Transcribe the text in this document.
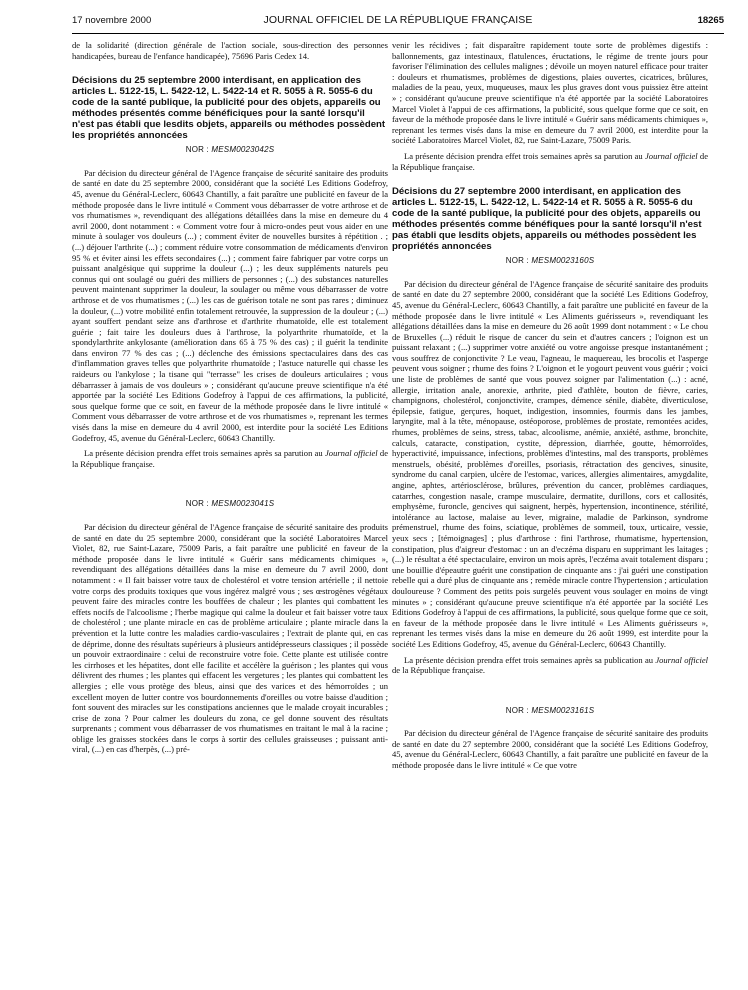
17 novembre 2000	JOURNAL OFFICIEL DE LA RÉPUBLIQUE FRANÇAISE	18265

de la solidarité (direction générale de l'action sociale, sous-direction des personnes handicapées, bureau de l'enfance handicapée), 75696 Paris Cedex 14.

Décisions du 25 septembre 2000 interdisant, en application des articles L. 5122-15, L. 5422-12, L. 5422-14 et R. 5055 à R. 5055-6 du code de la santé publique, la publicité pour des objets, appareils ou méthodes présentés comme bénéficiques pour la santé lorsqu'il n'est pas établi que lesdits objets, appareils ou méthodes possèdent les propriétés annoncées
NOR : MESM0023042S

Par décision du directeur général de l'Agence française de sécurité sanitaire des produits de santé en date du 25 septembre 2000, considérant que la société Les Editions Godefroy, 45, avenue du Général-Leclerc, 60643 Chantilly, a fait paraître une publicité en faveur de la méthode proposée dans le livre intitulé « Comment vous débarrasser de votre arthrose et de vos rhumatismes », revendiquant des allégations détaillées dans la mise en demeure du 4 avril 2000, dont notamment : « Comment votre four à micro-ondes peut vous aider en une minute à soulager vos douleurs (...) ; comment éviter de nouvelles bursites à répétition . ; (...) déjouer l'arthrite (...) ; comment réduire votre consommation de médicaments d'environ 95 % et éviter ainsi les effets secondaires (...) ; comment faire fabriquer par votre corps un puissant analgésique qui supprime la douleur (...) ; les deux suppléments naturels peu connus qui ont soulagé ou guéri des milliers de personnes ; (...) des substances naturelles peuvent maintenant supprimer la douleur, la soulager ou même vous débarrasser de votre arthrose et de vos rhumatismes ; (...) les cas de guérison totale ne sont pas rares ; diminuez la douleur, (...) votre mobilité enfin totalement retrouvée, la suppression de la douleur ; (...) ayant souffert pendant seize ans d'arthrose et d'arthrite rhumatoïde, elle est totalement guérie ; fait taire les douleurs dues à l'arthrose, la polyarthrite rhumatoïde, et la spondylarthrite ankylosante (amélioration dans 65 à 75 % des cas) ; il guérit la tendinite dans environ 77 % des cas ; (...) déclenche des émissions spectaculaires dans des cas d'inflammation graves telles que polyarthrite rhumatoïde ; l'astuce naturelle qui chasse les raideurs ou l'ankylose ; la tisane qui "terrasse" les crises de douleurs articulaires ; vous débarrasser à jamais de vos douleurs » ; considérant qu'aucune preuve scientifique n'a été apportée par la société Les Editions Godefroy à l'appui de ces affirmations, la publicité, sous quelque forme que ce soit, en faveur de la méthode proposée dans le livre intitulé « Comment vous débarrasser de votre arthrose et de vos rhumatismes », reprenant les termes visés dans la mise en demeure du 4 avril 2000, est interdite pour la société Les Editions Godefroy, 45, avenue du Général-Leclerc, 60643 Chantilly.

La présente décision prendra effet trois semaines après sa parution au Journal officiel de la République française.

NOR : MESM0023041S

Par décision du directeur général de l'Agence française de sécurité sanitaire des produits de santé en date du 25 septembre 2000, considérant que la société Laboratoires Marcel Violet, 82, rue Saint-Lazare, 75009 Paris, a fait paraître une publicité en faveur de la méthode proposée dans le livre intitulé « Guérir sans médicaments chimiques », revendiquant des allégations détaillées dans la mise en demeure du 7 avril 2000, dont notamment : « Il fait baisser votre taux de cholestérol et votre tension artérielle ; il nettoie votre corps des produits toxiques que vous ingérez malgré vous ; ses œstrogènes végétaux peuvent faire des miracles contre les bouffées de chaleur ; les plantes qui combattent les effets nocifs de l'alcoolisme ; l'herbe magique qui calme la douleur et fait baisser votre taux de cholestérol ; une plante miracle en cas de problème articulaire ; plante miracle dans la prévention et la lutte contre les maladies cardio-vasculaires ; l'extrait de plante qui, en cas de déprime, donne des résultats supérieurs à plusieurs antidépresseurs classiques ; il possède un pouvoir extraordinaire : celui de reconstruire votre foie. Cette plante est utilisée contre les cirrhoses et les hépatites, dont elle facilite et accélère la guérison ; les plantes qui vous délivrent des rhumes ; les plantes qui effacent les vergetures ; les plantes qui combattent les allergies ; elle vous protège des bleus, ainsi que des varices et des hémorroïdes ; un excellent moyen de lutter contre vos bourdonnements d'oreilles ou votre baisse d'audition ; font souvent des miracles sur les constipations anciennes que le malade croyait incurables ; crise de zona ? Pour calmer les douleurs du zona, ce gel donne souvent des résultats surprenants ; comment vous débarrasser de vos rhumatismes en traitant le mal à la racine ; oblige les graisses stockées dans le corps à sortir des cellules graisseuses ; puissant anti-viral, (...) en cas d'herpès, (...) pré-

venir les récidives ; fait disparaître rapidement toute sorte de problèmes digestifs : ballonnements, gaz intestinaux, flatulences, éructations, le régime de trente jours pour favoriser l'élimination des cellules malignes ; dévoile un moyen naturel efficace pour traiter : douleurs et rhumatismes, problèmes de digestions, plaies ouvertes, cicatrices, brûlures, maladies de la peau, yeux, muqueuses, maux les plus graves dont vous puissiez être atteint » ; considérant qu'aucune preuve scientifique n'a été apportée par la société Laboratoires Marcel Violet à l'appui de ces affirmations, la publicité, sous quelque forme que ce soit, en faveur de la méthode proposée dans le livre intitulé « Guérir sans médicaments chimiques », reprenant les termes visés dans la mise en demeure du 7 avril 2000, est interdite pour la société Laboratoires Marcel Violet, 82, rue Saint-Lazare, 75009 Paris.

La présente décision prendra effet trois semaines après sa parution au Journal officiel de la République française.

Décisions du 27 septembre 2000 interdisant, en application des articles L. 5122-15, L. 5422-12, L. 5422-14 et R. 5055 à R. 5055-6 du code de la santé publique, la publicité pour des objets, appareils ou méthodes présentés comme bénéfiques pour la santé lorsqu'il n'est pas établi que lesdits objets, appareils ou méthodes possèdent les propriétés annoncées
NOR : MESM0023160S

Par décision du directeur général de l'Agence française de sécurité sanitaire des produits de santé en date du 27 septembre 2000, considérant que la société Les Editions Godefroy, 45, avenue du Général-Leclerc, 60643 Chantilly, a fait paraître une publicité en faveur de la méthode proposée dans le livre intitulé « Les Aliments guérisseurs », revendiquant les allégations détaillées dans la mise en demeure du 26 août 1999 dont notamment : « Le chou de Bruxelles (...) réduit le risque de cancer du sein et d'autres cancers ; l'oignon est un puissant relaxant ; (...) supprimer votre anxiété ou votre angoisse presque instantanément ; vous souffrez de conjonctivite ? Le veau, l'agneau, le maquereau, les brocolis et l'asperge peuvent vous soigner ; rhume des foins ? L'oignon et le yogourt peuvent vous guérir ; voici une liste de problèmes de santé que vous pouvez soigner par l'alimentation (...) : acné, allergie, irritation anale, anorexie, arthrite, pied d'athlète, bouton de fièvre, caries, champignons, cholestérol, conjonctivite, crampes, démence sénile, diabète, diverticulose, épilepsie, fatigue, gerçures, hoquet, indigestion, insomnies, fourmis dans les jambes, laryngite, mal à la tête, ménopause, ostéoporose, problèmes de prostate, remontées acides, rhumes, problèmes de seins, stress, tabac, alcoolisme, anémie, anxiété, asthme, bronchite, calculs, cataracte, constipation, cystite, dépression, diarrhée, goutte, hémorroïdes, hyperactivité, impuissance, infections, problèmes d'intestins, mal des transports, problèmes menstruels, obésité, problèmes d'oreilles, psoriasis, rétractation des gencives, sinusite, syndrome du canal carpien, ulcère de l'estomac, varices, allergies alimentaires, amygdalite, angine, aphtes, artériosclérose, brûlures, prévention du cancer, problèmes cardiaques, catarrhes, congestion nasale, crampe musculaire, dermatite, durillons, cors et callosités, emphysème, furoncle, gencives qui saignent, herpès, hypertension, incontinence, stérilité, intolérance au lactose, malaise au lever, migraine, maladie de Parkinson, syndrome prémenstruel, rhume des foins, sciatique, problèmes de sommeil, toux, urticaire, vessie, yeux secs ; [témoignages] ; plus d'arthrose : fini l'arthrose, rhumatisme, hypertension, constipation, plus d'aigreur d'estomac : un an d'eczéma disparu en supprimant les laitages ; (...) le résultat a été spectaculaire, environ un mois après, l'eczéma avait totalement disparu ; une bouillie d'épeautre guérit une constipation de cinquante ans : j'ai guéri une constipation rebelle qui a duré plus de cinquante ans ; remède miracle contre l'hypertension ; articulation douloureuse ? Comment des petits pois surgelés peuvent vous soulager en moins de vingt minutes » ; considérant qu'aucune preuve scientifique n'a été apportée par la société Les Editions Godefroy à l'appui de ces affirmations, la publicité, sous quelque forme que ce soit, en faveur de la méthode proposée dans le livre intitulé « Les Aliments guérisseurs », reprenant les termes visés dans la mise en demeure du 26 août 1999, est interdite pour la société Les Editions Godefroy, 45, avenue du Général-Leclerc, 60643 Chantilly.

La présente décision prendra effet trois semaines après sa publication au Journal officiel de la République française.

NOR : MESM0023161S

Par décision du directeur général de l'Agence française de sécurité sanitaire des produits de santé en date du 27 septembre 2000, considérant que la société Les Editions Godefroy, 45, avenue du Général-Leclerc, 60643 Chantilly, a fait paraître une publicité en faveur de la méthode proposée dans le livre intitulé « Ce que votre
